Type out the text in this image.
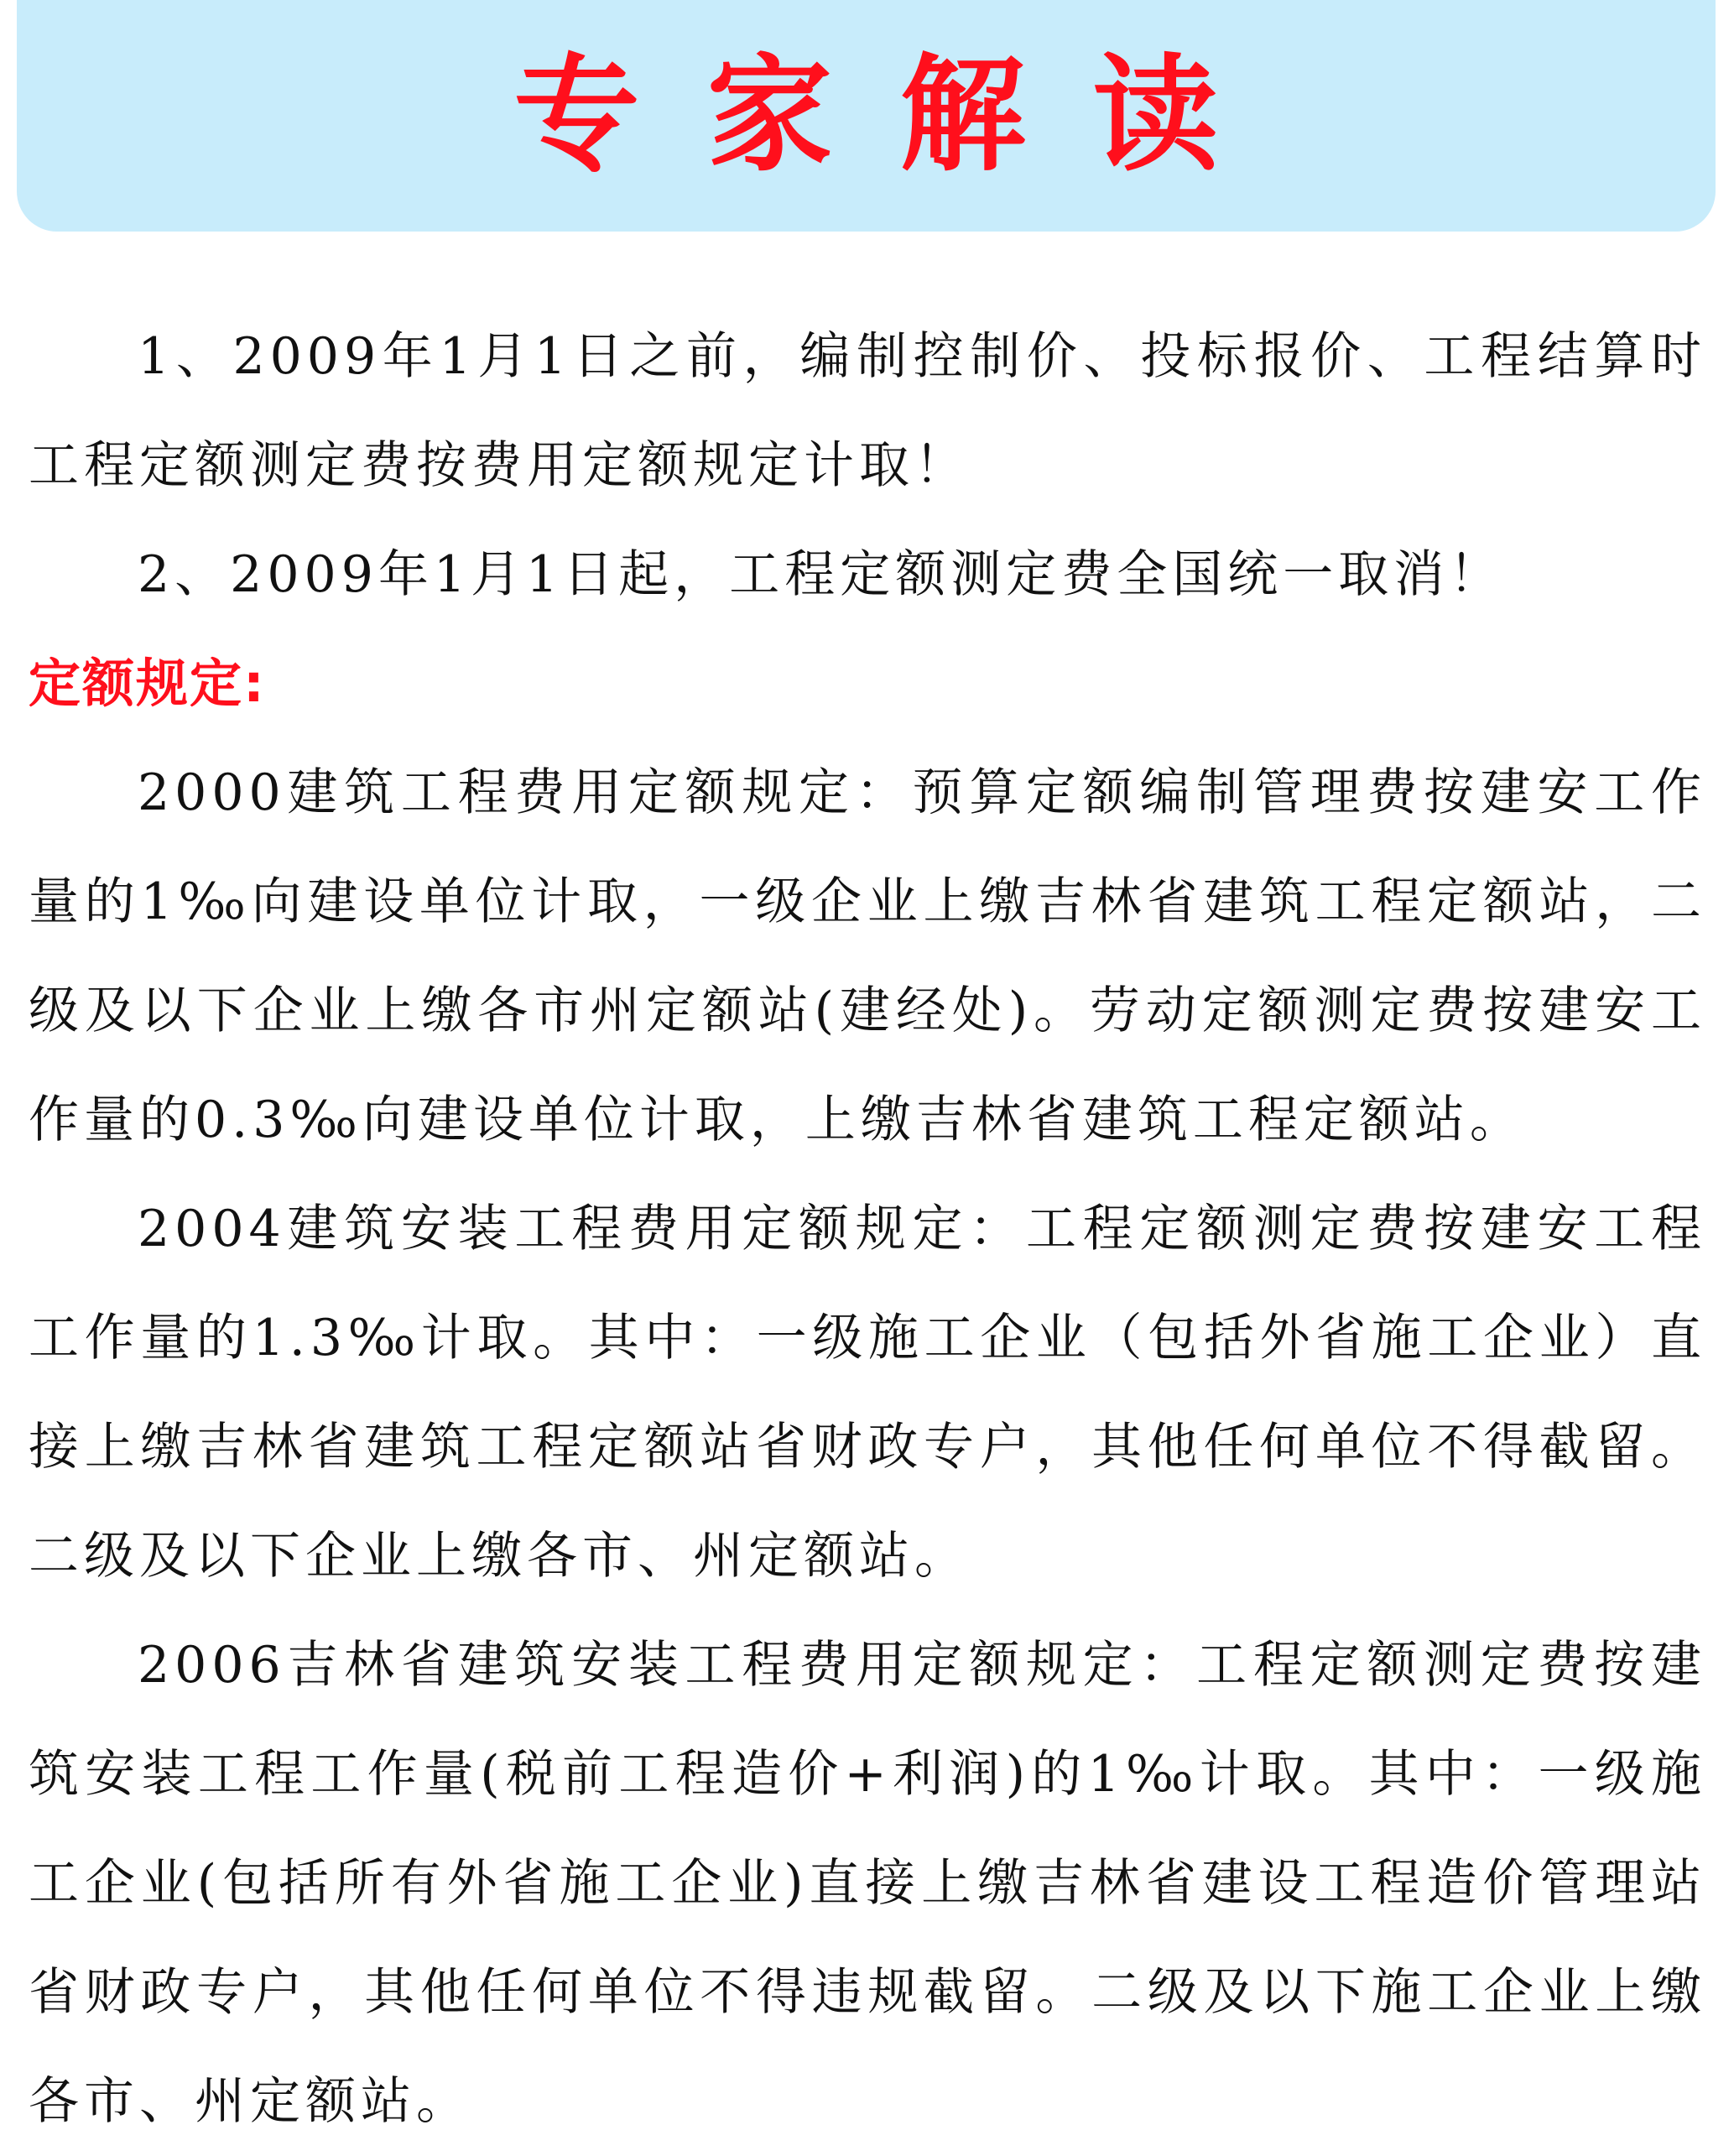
专家解读

1、2009年1月1日之前，编制控制价、投标报价、工程结算时工程定额测定费按费用定额规定计取！

2、2009年1月1日起，工程定额测定费全国统一取消！

定额规定:

2000建筑工程费用定额规定：预算定额编制管理费按建安工作量的1‰向建设单位计取，一级企业上缴吉林省建筑工程定额站，二级及以下企业上缴各市州定额站(建经处)。劳动定额测定费按建安工作量的0.3‰向建设单位计取，上缴吉林省建筑工程定额站。

2004建筑安装工程费用定额规定：工程定额测定费按建安工程工作量的1.3‰计取。其中：一级施工企业（包括外省施工企业）直接上缴吉林省建筑工程定额站省财政专户，其他任何单位不得截留。二级及以下企业上缴各市、州定额站。

2006吉林省建筑安装工程费用定额规定：工程定额测定费按建筑安装工程工作量(税前工程造价+利润)的1‰计取。其中：一级施工企业(包括所有外省施工企业)直接上缴吉林省建设工程造价管理站省财政专户，其他任何单位不得违规截留。二级及以下施工企业上缴各市、州定额站。
